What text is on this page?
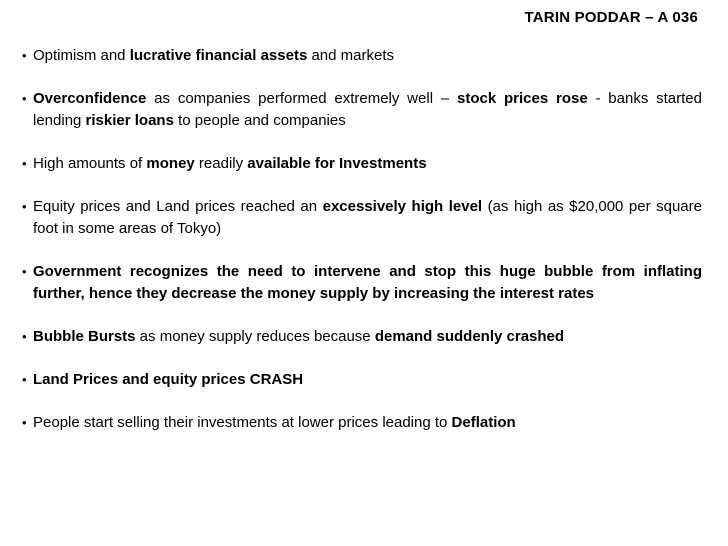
TARIN PODDAR – A 036
• Optimism and lucrative financial assets and markets
• Overconfidence as companies performed extremely well – stock prices rose - banks started lending riskier loans to people and companies
• High amounts of money readily available for Investments
• Equity prices and Land prices reached an excessively high level (as high as $20,000 per square foot in some areas of Tokyo)
• Government recognizes the need to intervene and stop this huge bubble from inflating further, hence they decrease the money supply by increasing the interest rates
• Bubble Bursts as money supply reduces because demand suddenly crashed
• Land Prices and equity prices CRASH
• People start selling their investments at lower prices leading to Deflation
